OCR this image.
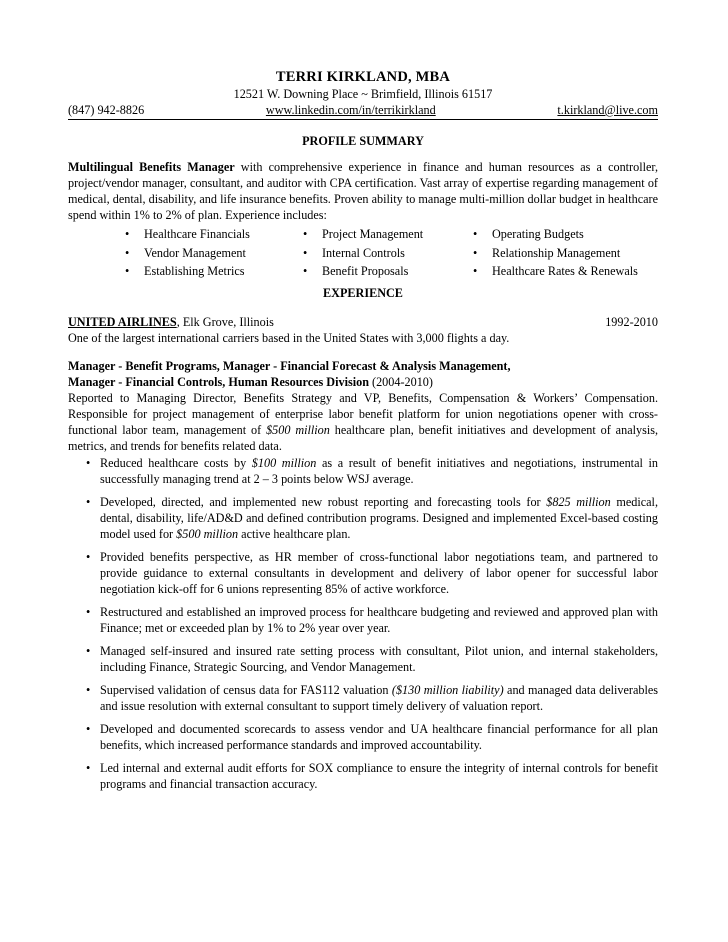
TERRI KIRKLAND, MBA
12521 W. Downing Place ~ Brimfield, Illinois 61517
(847) 942-8826	www.linkedin.com/in/terrikirkland	t.kirkland@live.com
PROFILE SUMMARY
Multilingual Benefits Manager with comprehensive experience in finance and human resources as a controller, project/vendor manager, consultant, and auditor with CPA certification. Vast array of expertise regarding management of medical, dental, disability, and life insurance benefits. Proven ability to manage multi-million dollar budget in healthcare spend within 1% to 2% of plan. Experience includes:
• Healthcare Financials	• Project Management	• Operating Budgets
• Vendor Management	• Internal Controls	• Relationship Management
• Establishing Metrics	• Benefit Proposals	• Healthcare Rates & Renewals
EXPERIENCE
UNITED AIRLINES, Elk Grove, Illinois	1992-2010
One of the largest international carriers based in the United States with 3,000 flights a day.
Manager - Benefit Programs, Manager - Financial Forecast & Analysis Management,
Manager - Financial Controls, Human Resources Division (2004-2010)
Reported to Managing Director, Benefits Strategy and VP, Benefits, Compensation & Workers’ Compensation. Responsible for project management of enterprise labor benefit platform for union negotiations opener with cross-functional labor team, management of $500 million healthcare plan, benefit initiatives and development of analysis, metrics, and trends for benefits related data.
• Reduced healthcare costs by $100 million as a result of benefit initiatives and negotiations, instrumental in successfully managing trend at 2 – 3 points below WSJ average.
• Developed, directed, and implemented new robust reporting and forecasting tools for $825 million medical, dental, disability, life/AD&D and defined contribution programs. Designed and implemented Excel-based costing model used for $500 million active healthcare plan.
• Provided benefits perspective, as HR member of cross-functional labor negotiations team, and partnered to provide guidance to external consultants in development and delivery of labor opener for successful labor negotiation kick-off for 6 unions representing 85% of active workforce.
• Restructured and established an improved process for healthcare budgeting and reviewed and approved plan with Finance; met or exceeded plan by 1% to 2% year over year.
• Managed self-insured and insured rate setting process with consultant, Pilot union, and internal stakeholders, including Finance, Strategic Sourcing, and Vendor Management.
• Supervised validation of census data for FAS112 valuation ($130 million liability) and managed data deliverables and issue resolution with external consultant to support timely delivery of valuation report.
• Developed and documented scorecards to assess vendor and UA healthcare financial performance for all plan benefits, which increased performance standards and improved accountability.
• Led internal and external audit efforts for SOX compliance to ensure the integrity of internal controls for benefit programs and financial transaction accuracy.
